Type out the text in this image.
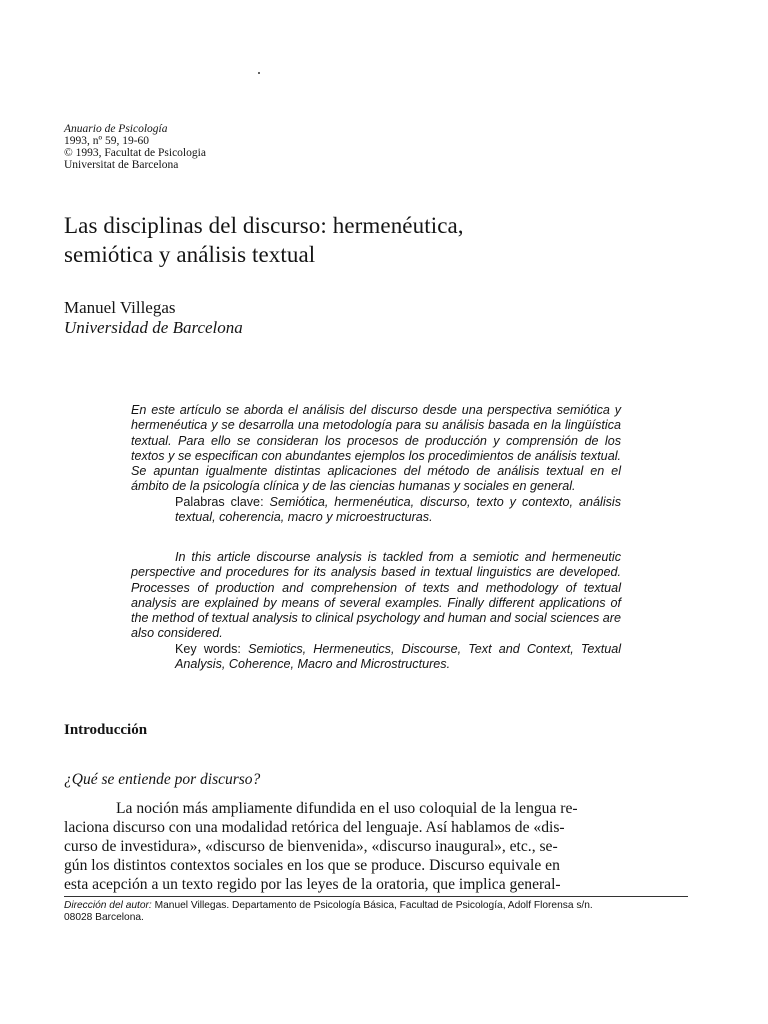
Anuario de Psicología
1993, nº 59, 19-60
© 1993, Facultat de Psicologia
Universitat de Barcelona
Las disciplinas del discurso: hermenéutica,
semiótica y análisis textual
Manuel Villegas
Universidad de Barcelona

En este artículo se aborda el análisis del discurso desde una perspectiva semiótica y hermenéutica y se desarrolla una metodología para su análisis basada en la lingüística textual. Para ello se consideran los procesos de producción y comprensión de los textos y se especifican con abundantes ejemplos los procedimientos de análisis textual. Se apuntan igualmente distintas aplicaciones del método de análisis textual en el ámbito de la psicología clínica y de las ciencias humanas y sociales en general.

Palabras clave: Semiótica, hermenéutica, discurso, texto y contexto, análisis textual, coherencia, macro y microestructuras.

In this article discourse analysis is tackled from a semiotic and hermeneutic perspective and procedures for its analysis based in textual linguistics are developed. Processes of production and comprehension of texts and methodology of textual analysis are explained by means of several examples. Finally different applications of the method of textual analysis to clinical psychology and human and social sciences are also considered.

Key words: Semiotics, Hermeneutics, Discourse, Text and Context, Textual Analysis, Coherence, Macro and Microstructures.

Introducción
¿Qué se entiende por discurso?
La noción más ampliamente difundida en el uso coloquial de la lengua re-
laciona discurso con una modalidad retórica del lenguaje. Así hablamos de «dis-
curso de investidura», «discurso de bienvenida», «discurso inaugural», etc., se-
gún los distintos contextos sociales en los que se produce. Discurso equivale en
esta acepción a un texto regido por las leyes de la oratoria, que implica general-
Dirección del autor: Manuel Villegas. Departamento de Psicología Básica, Facultad de Psicología, Adolf Florensa s/n.
08028 Barcelona.
